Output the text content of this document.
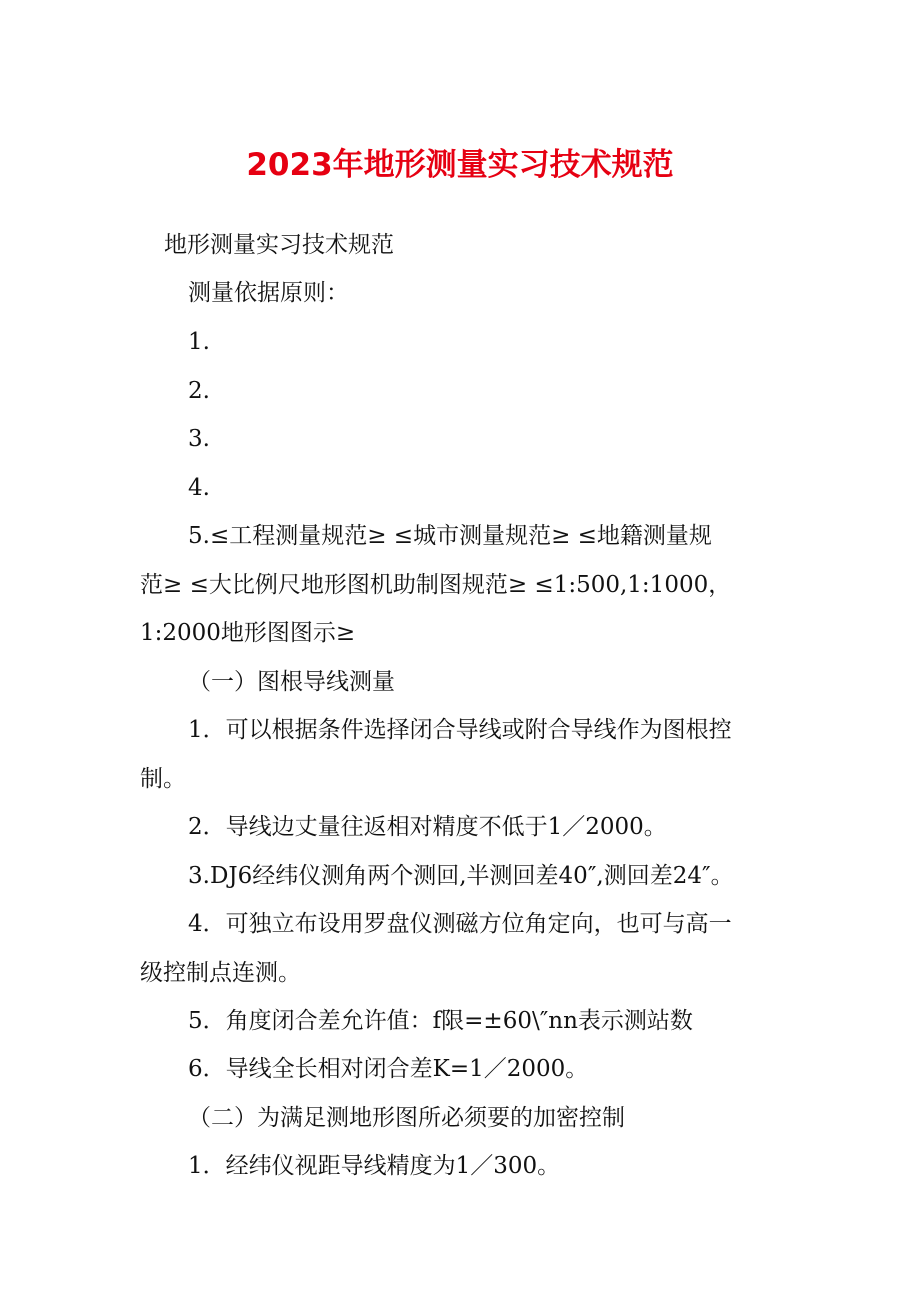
2023年地形测量实习技术规范

地形测量实习技术规范

测量依据原则：

1.

2.

3.

4.

5.≤工程测量规范≥ ≤城市测量规范≥ ≤地籍测量规

范≥ ≤大比例尺地形图机助制图规范≥ ≤1:500,1:1000，

1:2000地形图图示≥

（一）图根导线测量

1．可以根据条件选择闭合导线或附合导线作为图根控

制。

2．导线边丈量往返相对精度不低于1／2000。

3.DJ6经纬仪测角两个测回,半测回差40″,测回差24″。

4．可独立布设用罗盘仪测磁方位角定向，也可与高一

级控制点连测。

5．角度闭合差允许值：f限=±60\″nn表示测站数

6．导线全长相对闭合差K=1／2000。

（二）为满足测地形图所必须要的加密控制

1．经纬仪视距导线精度为1／300。
